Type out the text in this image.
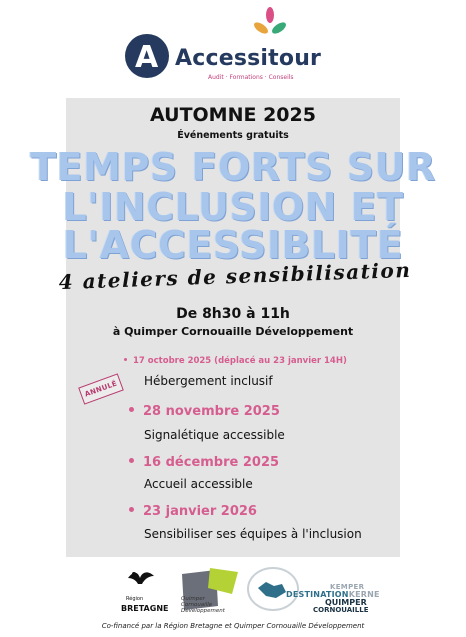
A Accessitour
Audit · Formations · Conseils
AUTOMNE 2025
Événements gratuits
TEMPS FORTS SUR
L'INCLUSION ET
L'ACCESSIBLITÉ
4 ateliers de sensibilisation
De 8h30 à 11h
à Quimper Cornouaille Développement
17 octobre 2025 (déplacé au 23 janvier 14H)
Hébergement inclusif
ANNULÉ
28 novembre 2025
Signalétique accessible
16 décembre 2025
Accueil accessible
23 janvier 2026
Sensibiliser ses équipes à l'inclusion
Région
BRETAGNE
Quimper
Cornouaille
Développement
KEMPER
DESTINATIONKERNE
QUIMPER
CORNOUAILLE
Co-financé par la Région Bretagne et Quimper Cornouaille Développement
